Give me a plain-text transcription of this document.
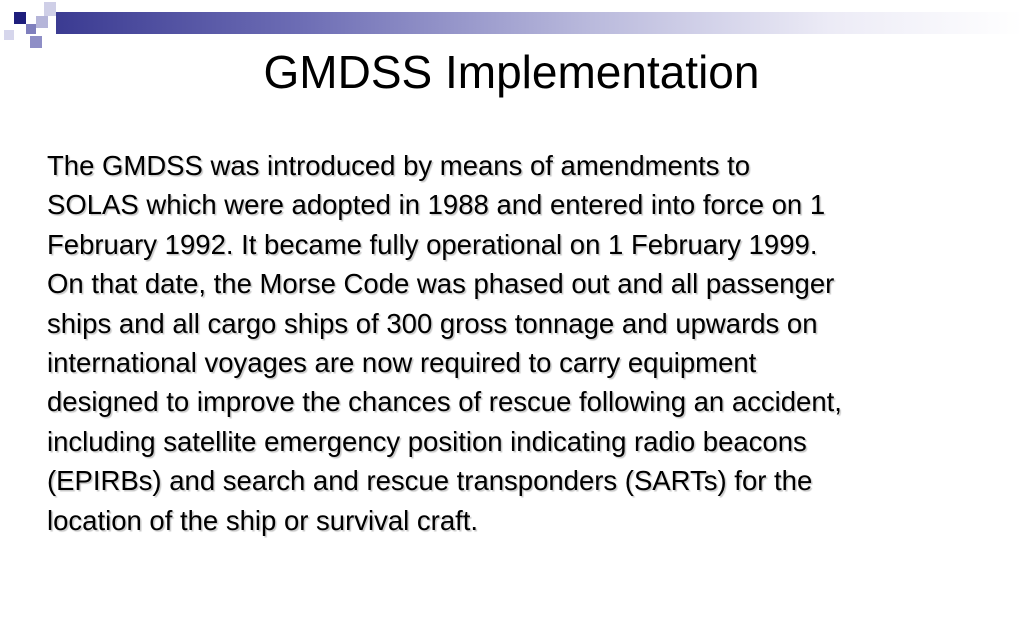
GMDSS Implementation

The GMDSS was introduced by means of amendments to
SOLAS which were adopted in 1988 and entered into force on 1
February 1992. It became fully operational on 1 February 1999.
On that date, the Morse Code was phased out and all passenger
ships and all cargo ships of 300 gross tonnage and upwards on
international voyages are now required to carry equipment
designed to improve the chances of rescue following an accident,
including satellite emergency position indicating radio beacons
(EPIRBs) and search and rescue transponders (SARTs) for the
location of the ship or survival craft.
